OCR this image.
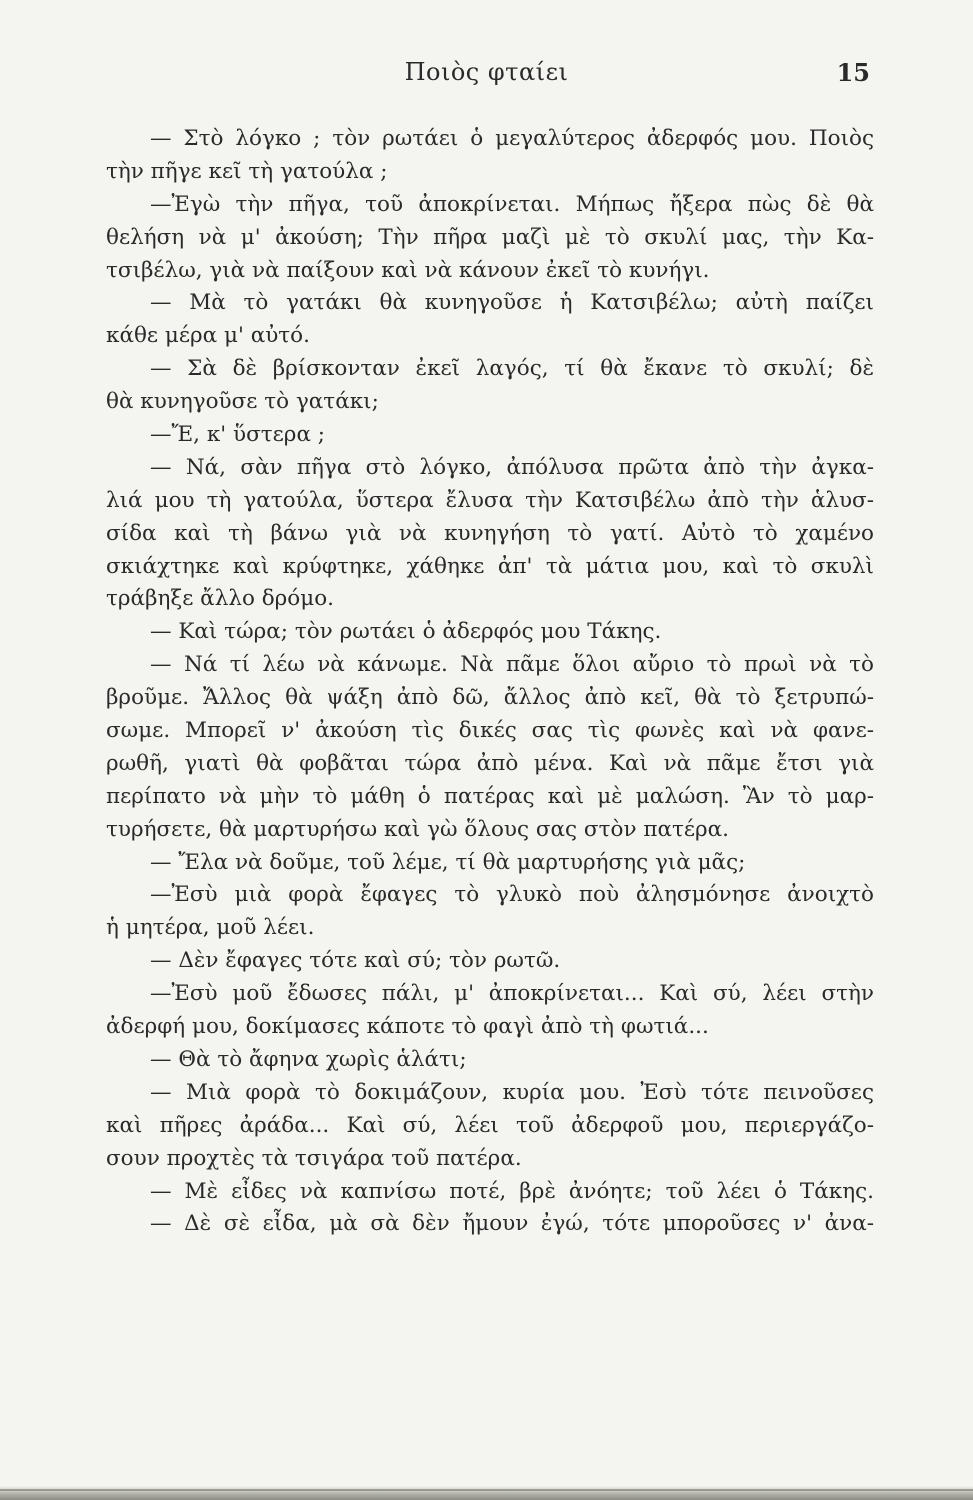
Ποιὸς φταίει	15
— Στὸ λόγκο ; τὸν ρωτάει ὁ μεγαλύτερος ἀδερφός μου. Ποιὸς
τὴν πῆγε κεῖ τὴ γατούλα ;
—Ἐγὼ τὴν πῆγα, τοῦ ἀποκρίνεται. Μήπως ἤξερα πὼς δὲ θὰ
θελήση νὰ μ' ἀκούση; Τὴν πῆρα μαζὶ μὲ τὸ σκυλί μας, τὴν Κα-
τσιβέλω, γιὰ νὰ παίξουν καὶ νὰ κάνουν ἐκεῖ τὸ κυνήγι.
— Μὰ τὸ γατάκι θὰ κυνηγοῦσε ἡ Κατσιβέλω; αὐτὴ παίζει
κάθε μέρα μ' αὐτό.
— Σὰ δὲ βρίσκονταν ἐκεῖ λαγός, τί θὰ ἔκανε τὸ σκυλί; δὲ
θὰ κυνηγοῦσε τὸ γατάκι;
—Ἔ, κ' ὕστερα ;
— Νά, σὰν πῆγα στὸ λόγκο, ἀπόλυσα πρῶτα ἀπὸ τὴν ἀγκα-
λιά μου τὴ γατούλα, ὕστερα ἔλυσα τὴν Κατσιβέλω ἀπὸ τὴν ἁλυσ-
σίδα καὶ τὴ βάνω γιὰ νὰ κυνηγήση τὸ γατί. Αὐτὸ τὸ χαμένο
σκιάχτηκε καὶ κρύφτηκε, χάθηκε ἀπ' τὰ μάτια μου, καὶ τὸ σκυλὶ
τράβηξε ἄλλο δρόμο.
— Καὶ τώρα; τὸν ρωτάει ὁ ἀδερφός μου Τάκης.
— Νά τί λέω νὰ κάνωμε. Νὰ πᾶμε ὅλοι αὔριο τὸ πρωὶ νὰ τὸ
βροῦμε. Ἄλλος θὰ ψάξη ἀπὸ δῶ, ἄλλος ἀπὸ κεῖ, θὰ τὸ ξετρυπώ-
σωμε. Μπορεῖ ν' ἀκούση τὶς δικές σας τὶς φωνὲς καὶ νὰ φανε-
ρωθῆ, γιατὶ θὰ φοβᾶται τώρα ἀπὸ μένα. Καὶ νὰ πᾶμε ἔτσι γιὰ
περίπατο νὰ μὴν τὸ μάθη ὁ πατέρας καὶ μὲ μαλώση. Ἂν τὸ μαρ-
τυρήσετε, θὰ μαρτυρήσω καὶ γὼ ὅλους σας στὸν πατέρα.
— Ἔλα νὰ δοῦμε, τοῦ λέμε, τί θὰ μαρτυρήσης γιὰ μᾶς;
—Ἐσὺ μιὰ φορὰ ἔφαγες τὸ γλυκὸ ποὺ ἀλησμόνησε ἀνοιχτὸ
ἡ μητέρα, μοῦ λέει.
— Δὲν ἔφαγες τότε καὶ σύ; τὸν ρωτῶ.
—Ἐσὺ μοῦ ἔδωσες πάλι, μ' ἀποκρίνεται... Καὶ σύ, λέει στὴν
ἀδερφή μου, δοκίμασες κάποτε τὸ φαγὶ ἀπὸ τὴ φωτιά...
— Θὰ τὸ ἄφηνα χωρὶς ἁλάτι;
— Μιὰ φορὰ τὸ δοκιμάζουν, κυρία μου. Ἐσὺ τότε πεινοῦσες
καὶ πῆρες ἀράδα... Καὶ σύ, λέει τοῦ ἀδερφοῦ μου, περιεργάζο-
σουν προχτὲς τὰ τσιγάρα τοῦ πατέρα.
— Μὲ εἶδες νὰ καπνίσω ποτέ, βρὲ ἀνόητε; τοῦ λέει ὁ Τάκης.
— Δὲ σὲ εἶδα, μὰ σὰ δὲν ἤμουν ἐγώ, τότε μποροῦσες ν' ἀνα-
